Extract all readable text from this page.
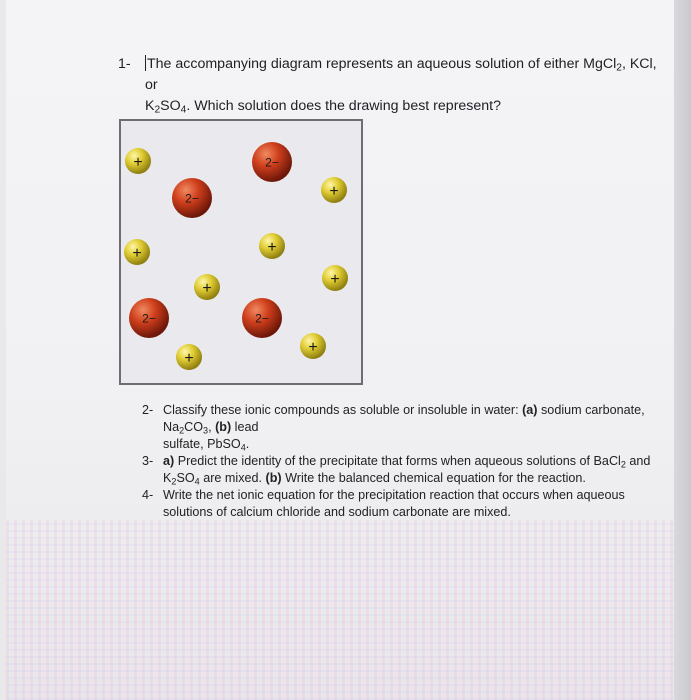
1- The accompanying diagram represents an aqueous solution of either MgCl$_2$, KCl, or
$K_2SO_4$. Which solution does the drawing best represent?
+
+
+	+
+
+
+
+
2−
2−
2−	2−
2- Classify these ionic compounds as soluble or insoluble in water: (a) sodium carbonate,
$Na_2CO_3$, (b) lead
sulfate, PbSO$_4$.
3- a) Predict the identity of the precipitate that forms when aqueous solutions of BaCl$_2$ and
$K_2SO_4$ are mixed. (b) Write the balanced chemical equation for the reaction.
4- Write the net ionic equation for the precipitation reaction that occurs when aqueous solutions of calcium chloride and sodium carbonate are mixed.
